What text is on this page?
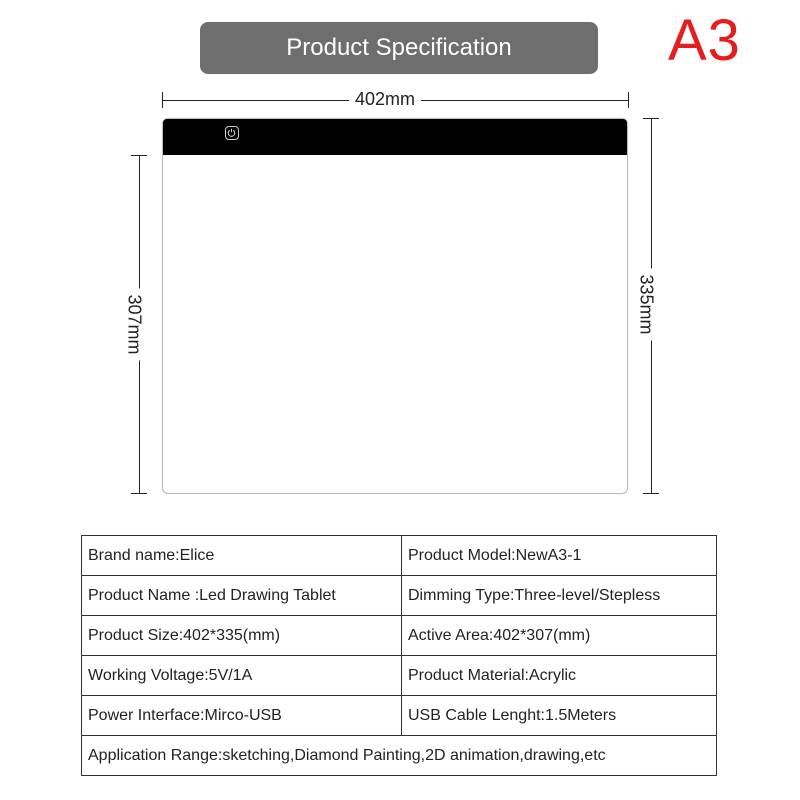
Product Specification	A3
402mm
307mm	335mm
Brand name:Elice	Product Model:NewA3-1
Product Name :Led Drawing Tablet	Dimming Type:Three-level/Stepless
Product Size:402*335(mm)	Active Area:402*307(mm)
Working Voltage:5V/1A	Product Material:Acrylic
Power Interface:Mirco-USB	USB Cable Lenght:1.5Meters
Application Range:sketching,Diamond Painting,2D animation,drawing,etc	
